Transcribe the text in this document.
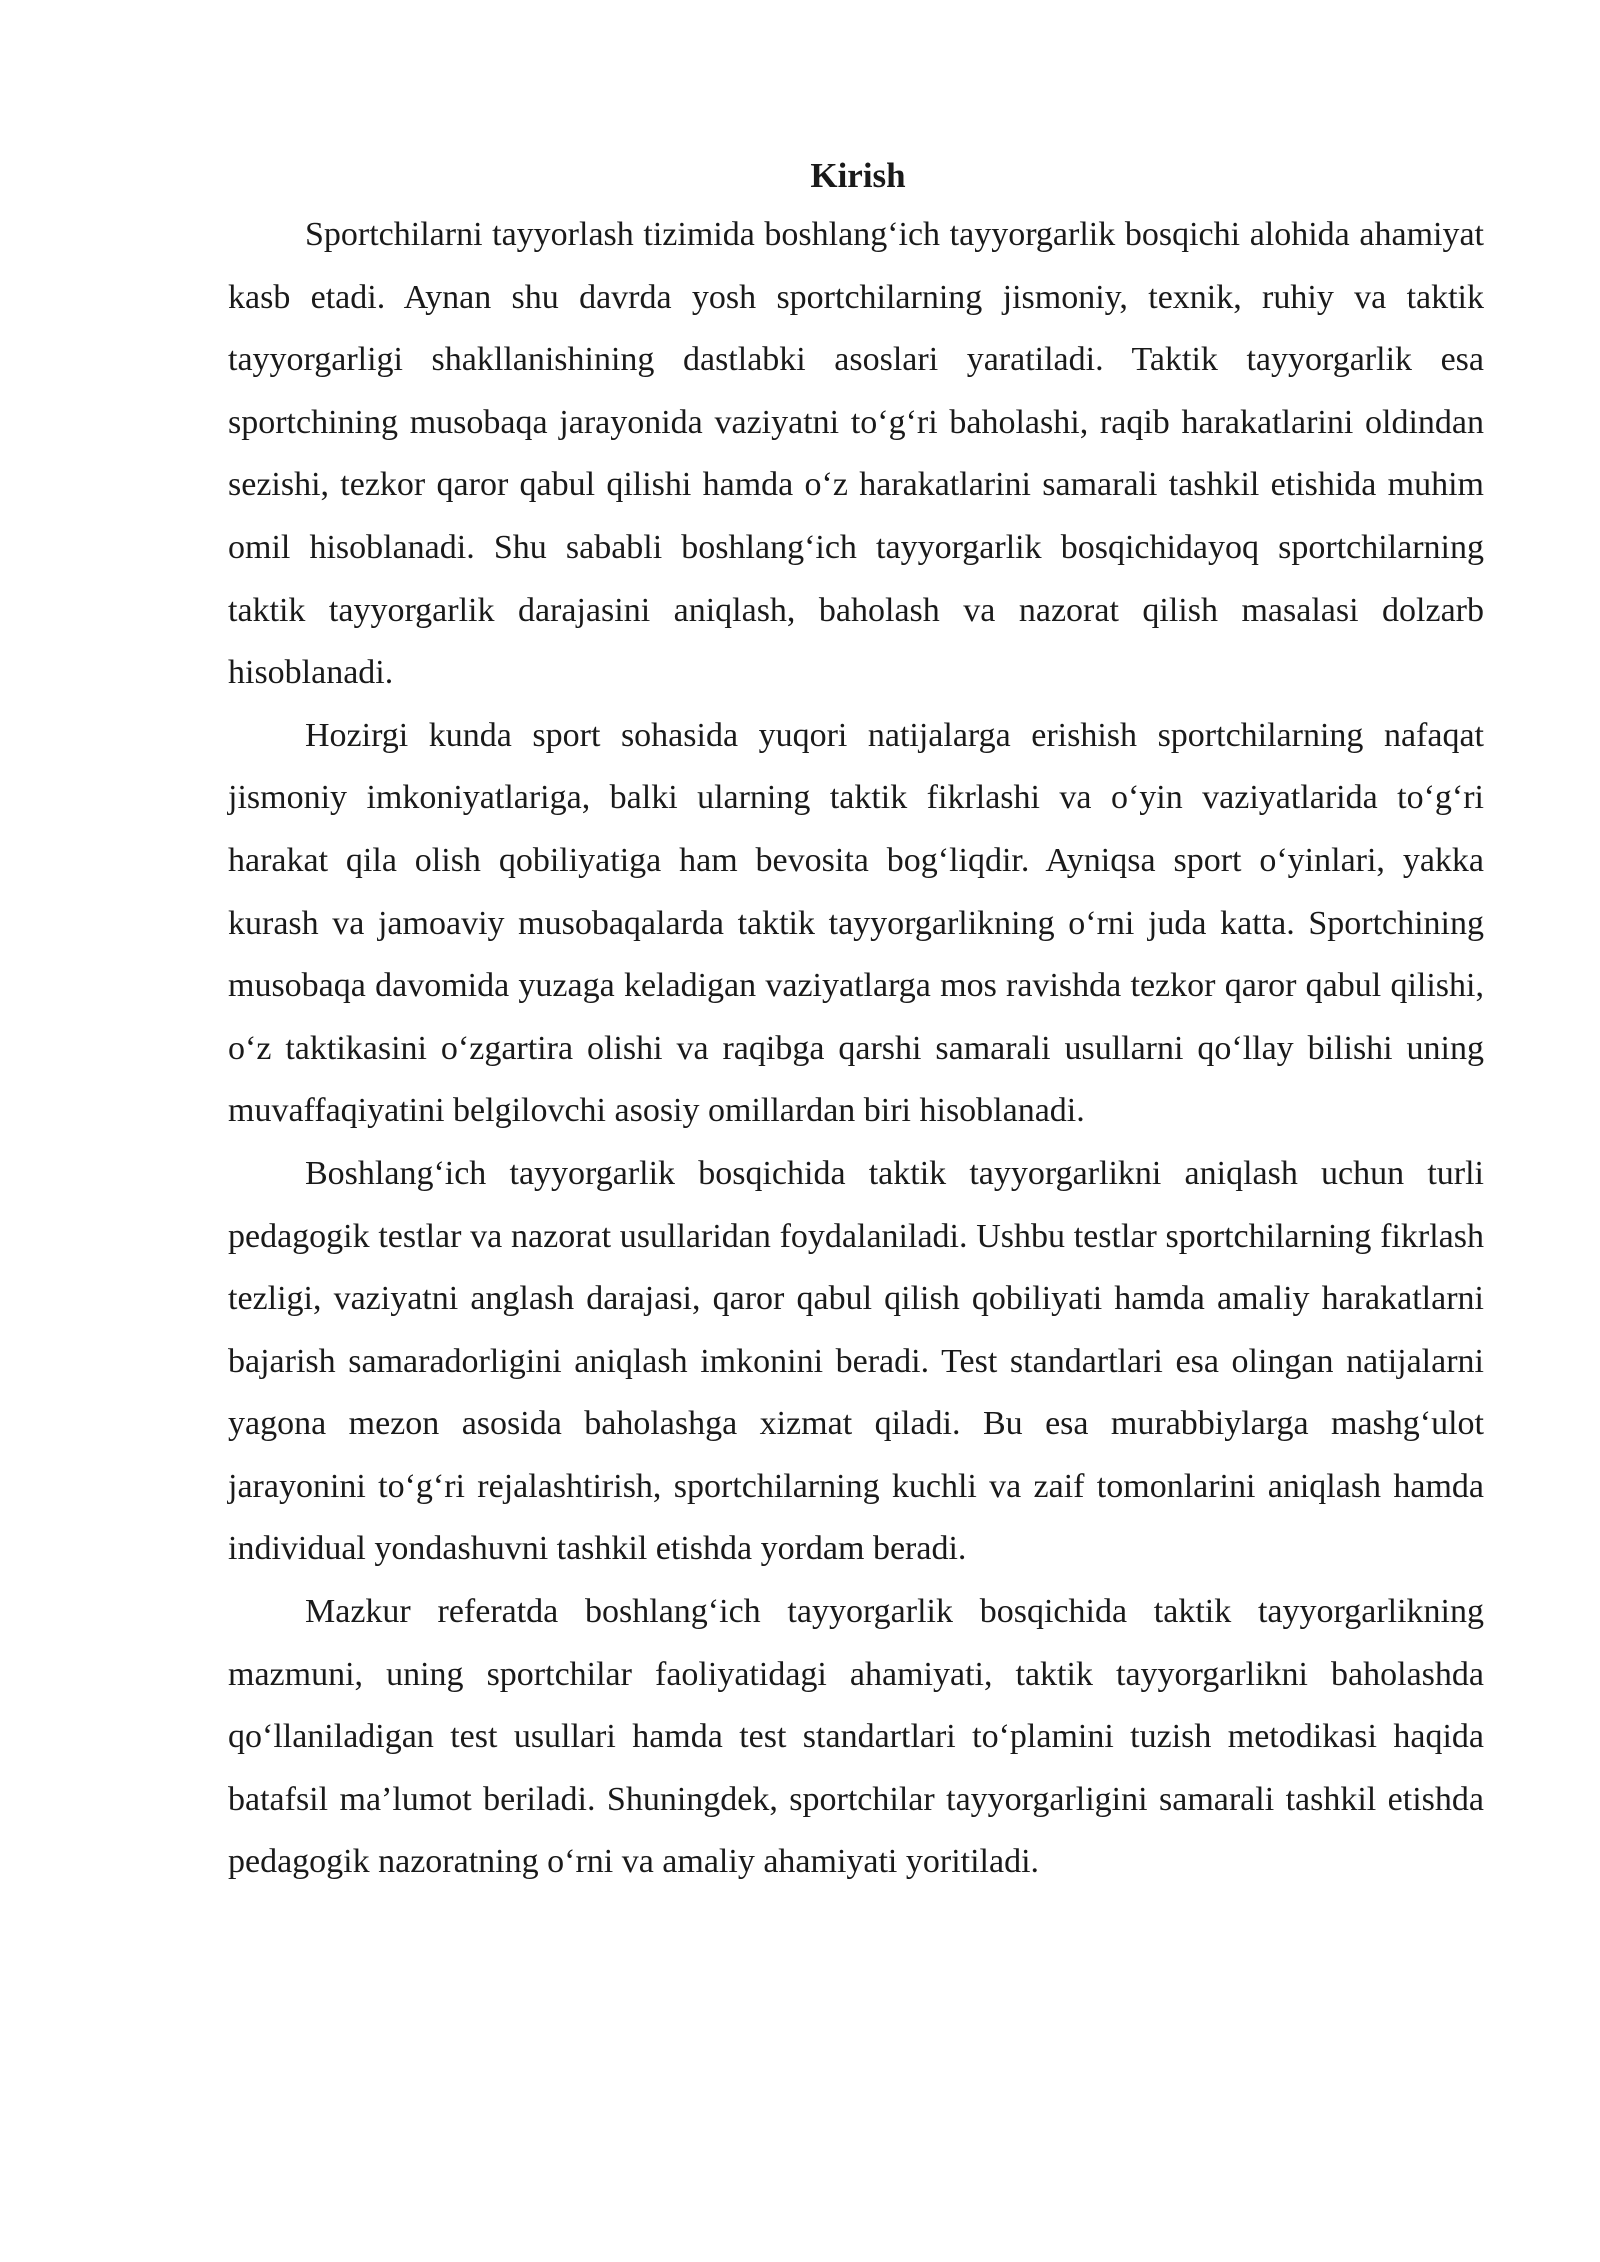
Kirish

Sportchilarni tayyorlash tizimida boshlang‘ich tayyorgarlik bosqichi alohida ahamiyat kasb etadi. Aynan shu davrda yosh sportchilarning jismoniy, texnik, ruhiy va taktik tayyorgarligi shakllanishining dastlabki asoslari yaratiladi. Taktik tayyorgarlik esa sportchining musobaqa jarayonida vaziyatni to‘g‘ri baholashi, raqib harakatlarini oldindan sezishi, tezkor qaror qabul qilishi hamda o‘z harakatlarini samarali tashkil etishida muhim omil hisoblanadi. Shu sababli boshlang‘ich tayyorgarlik bosqichidayoq sportchilarning taktik tayyorgarlik darajasini aniqlash, baholash va nazorat qilish masalasi dolzarb hisoblanadi.

Hozirgi kunda sport sohasida yuqori natijalarga erishish sportchilarning nafaqat jismoniy imkoniyatlariga, balki ularning taktik fikrlashi va o‘yin vaziyatlarida to‘g‘ri harakat qila olish qobiliyatiga ham bevosita bog‘liqdir. Ayniqsa sport o‘yinlari, yakka kurash va jamoaviy musobaqalarda taktik tayyorgarlikning o‘rni juda katta. Sportchining musobaqa davomida yuzaga keladigan vaziyatlarga mos ravishda tezkor qaror qabul qilishi, o‘z taktikasini o‘zgartira olishi va raqibga qarshi samarali usullarni qo‘llay bilishi uning muvaffaqiyatini belgilovchi asosiy omillardan biri hisoblanadi.

Boshlang‘ich tayyorgarlik bosqichida taktik tayyorgarlikni aniqlash uchun turli pedagogik testlar va nazorat usullaridan foydalaniladi. Ushbu testlar sportchilarning fikrlash tezligi, vaziyatni anglash darajasi, qaror qabul qilish qobiliyati hamda amaliy harakatlarni bajarish samaradorligini aniqlash imkonini beradi. Test standartlari esa olingan natijalarni yagona mezon asosida baholashga xizmat qiladi. Bu esa murabbiylarga mashg‘ulot jarayonini to‘g‘ri rejalashtirish, sportchilarning kuchli va zaif tomonlarini aniqlash hamda individual yondashuvni tashkil etishda yordam beradi.

Mazkur referatda boshlang‘ich tayyorgarlik bosqichida taktik tayyorgarlikning mazmuni, uning sportchilar faoliyatidagi ahamiyati, taktik tayyorgarlikni baholashda qo‘llaniladigan test usullari hamda test standartlari to‘plamini tuzish metodikasi haqida batafsil ma’lumot beriladi. Shuningdek, sportchilar tayyorgarligini samarali tashkil etishda pedagogik nazoratning o‘rni va amaliy ahamiyati yoritiladi.
